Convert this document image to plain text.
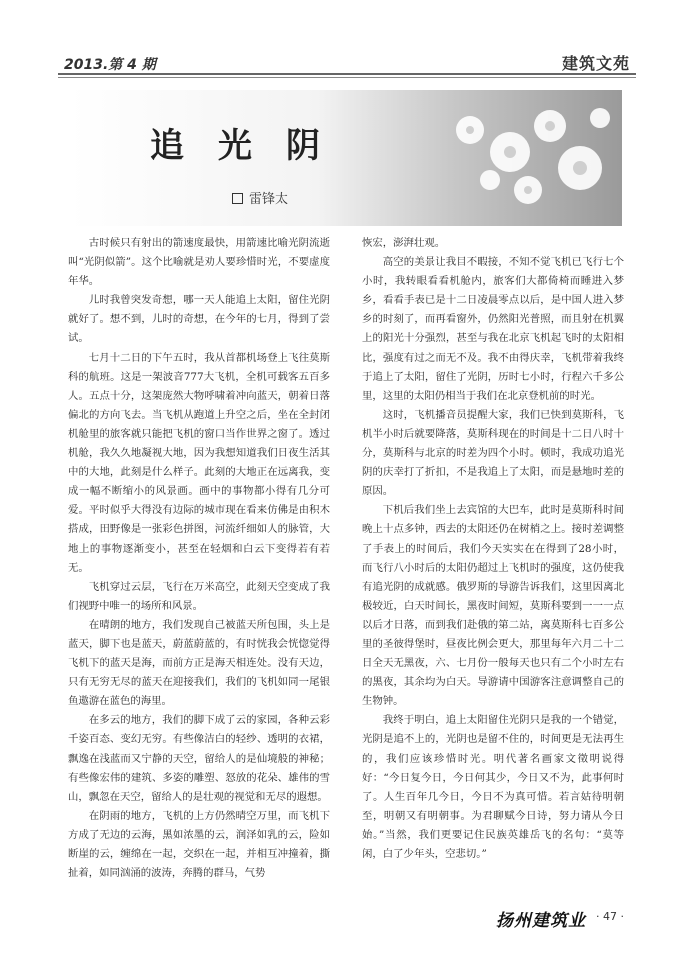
2013.第 4 期	建筑文苑
追光阴
雷锋太

古时候只有射出的箭速度最快，用箭速比喻光阴流逝叫“光阴似箭”。这个比喻就是劝人要珍惜时光，不要虚度年华。

儿时我曾突发奇想，哪一天人能追上太阳，留住光阴就好了。想不到，儿时的奇想，在今年的七月，得到了尝试。

七月十二日的下午五时，我从首都机场登上飞往莫斯科的航班。这是一架波音777大飞机，全机可载客五百多人。五点十分，这架庞然大物呼啸着冲向蓝天，朝着日落偏北的方向飞去。当飞机从跑道上升空之后，坐在全封闭机舱里的旅客就只能把飞机的窗口当作世界之窗了。透过机舱，我久久地凝视大地，因为我想知道我们日夜生活其中的大地，此刻是什么样子。此刻的大地正在远离我，变成一幅不断缩小的风景画。画中的事物都小得有几分可爱。平时似乎大得没有边际的城市现在看来仿佛是由积木搭成，田野像是一张彩色拼图，河流纤细如人的脉管，大地上的事物逐渐变小，甚至在轻烟和白云下变得若有若无。

飞机穿过云层，飞行在万米高空，此刻天空变成了我们视野中唯一的场所和风景。

在晴朗的地方，我们发现自己被蓝天所包围，头上是蓝天，脚下也是蓝天，蔚蓝蔚蓝的，有时恍我会恍惚觉得飞机下的蓝天是海，而前方正是海天相连处。没有天边，只有无穷无尽的蓝天在迎接我们，我们的飞机如同一尾银鱼遨游在蓝色的海里。

在多云的地方，我们的脚下成了云的家园，各种云彩千姿百态、变幻无穷。有些像洁白的轻纱、透明的衣裙，飘逸在浅蓝而又宁静的天空，留给人的是仙境般的神秘；有些像宏伟的建筑、多姿的雕塑、怒放的花朵、雄伟的雪山，飘忽在天空，留给人的是壮观的视觉和无尽的遐想。

在阴雨的地方，飞机的上方仍然晴空万里，而飞机下方成了无边的云海，黑如浓墨的云，润泽如乳的云，险如断崖的云，缠绵在一起，交织在一起，并相互冲撞着，撕扯着，如同汹涌的波涛，奔腾的群马，气势

恢宏，澎湃壮观。

高空的美景让我目不暇接，不知不觉飞机已飞行七个小时，我转眼看看机舱内，旅客们大都倚椅而睡进入梦乡，看看手表已是十二日凌晨零点以后，是中国人进入梦乡的时刻了，而再看窗外，仍然阳光普照，而且射在机翼上的阳光十分强烈，甚至与我在北京飞机起飞时的太阳相比，强度有过之而无不及。我不由得庆幸，飞机带着我终于追上了太阳，留住了光阴，历时七小时，行程六千多公里，这里的太阳仍相当于我们在北京登机前的时光。

这时，飞机播音员提醒大家，我们已快到莫斯科，飞机半小时后就要降落，莫斯科现在的时间是十二日八时十分，莫斯科与北京的时差为四个小时。顿时，我成功追光阴的庆幸打了折扣，不是我追上了太阳，而是悬地时差的原因。

下机后我们坐上去宾馆的大巴车，此时是莫斯科时间晚上十点多钟，西去的太阳还仍在树梢之上。接时差调整了手表上的时间后，我们今天实实在在得到了28小时，而飞行八小时后的太阳仍超过上飞机时的强度，这仍使我有追光阴的成就感。俄罗斯的导游告诉我们，这里因离北极较近，白天时间长，黑夜时间短，莫斯科要到一一一点以后才日落，而到我们赴俄的第二站，离莫斯科七百多公里的圣彼得堡时，昼夜比例会更大，那里每年六月二十二日全天无黑夜，六、七月份一般每天也只有二个小时左右的黑夜，其余均为白天。导游请中国游客注意调整自己的生物钟。

我终于明白，追上太阳留住光阴只是我的一个错觉，光阴是追不上的，光阴也是留不住的，时间更是无法再生的，我们应该珍惜时光。明代著名画家文徵明说得好：“今日复今日，今日何其少，今日又不为，此事何时了。人生百年几今日，今日不为真可惜。若言姑待明朝至，明朝又有明朝事。为君聊赋今日诗，努力请从今日始。”当然，我们更要记住民族英雄岳飞的名句：“莫等闲，白了少年头，空悲切。”

扬州建筑业 · 47 ·
